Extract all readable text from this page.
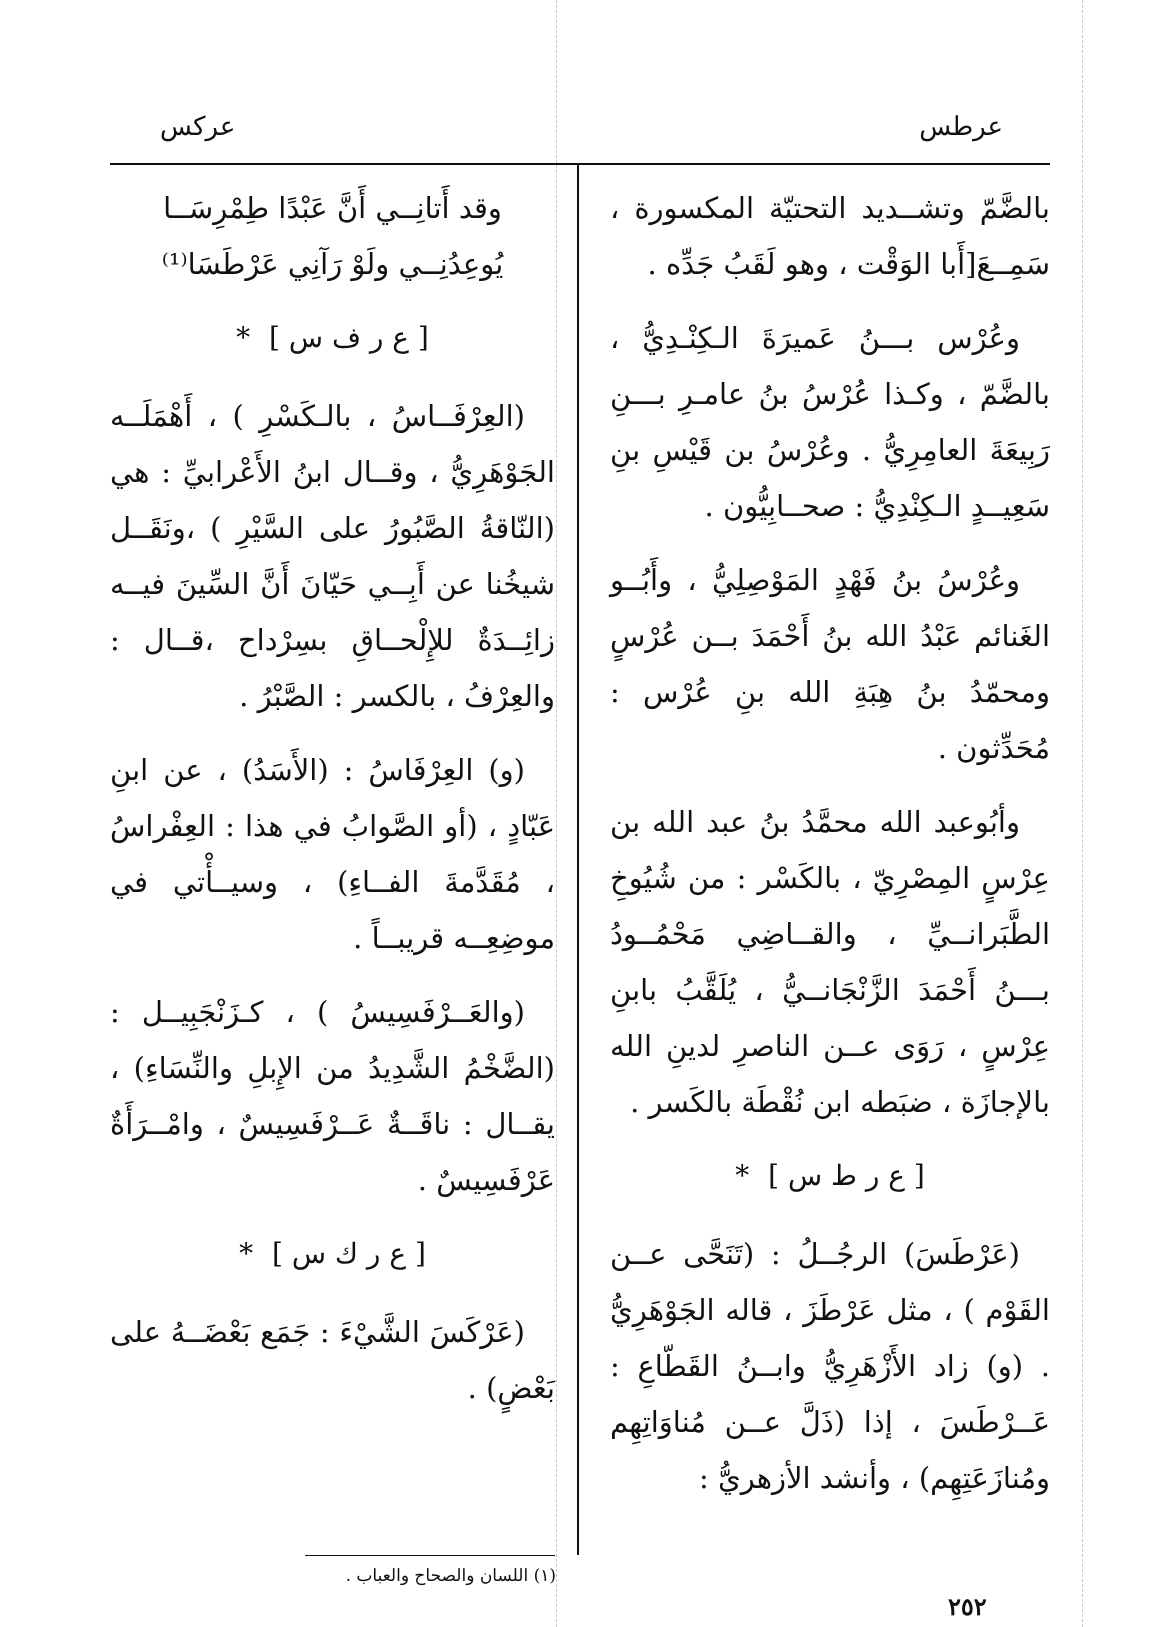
عرطس
عركس

بالضَّمّ وتشــديد التحتيّة المكسورة ، سَمِــعَ[أَبا الوَقْت ، وهو لَقَبُ جَدِّه .

وعُرْس بـــنُ عَميرَةَ الـكِنْـدِيُّ ، بالضَّمّ ، وكـذا عُرْسُ بنُ عامـرِ بـــنِ رَبِيعَةَ العامِرِيُّ . وعُرْسُ بن قَيْسِ بنِ سَعِيــدٍ الـكِنْدِيُّ : صحــابِيُّون .

وعُرْسُ بنُ فَهْدٍ المَوْصِلِيُّ ، وأَبُــو الغَنائم عَبْدُ الله بنُ أَحْمَدَ بــن عُرْسٍ ومحمّدُ بنُ هِبَةِ الله بنِ عُرْس : مُحَدِّثون .

وأبُوعبد الله محمَّدُ بنُ عبد الله بن عِرْسٍ المِصْرِيّ ، بالكَسْر : من شُيُوخِ الطَّبَرانــيِّ ، والقــاضِي مَحْمُــودُ بـــنُ أَحْمَدَ الزَّنْجَانــيُّ ، يُلَقَّبُ بابنِ عِرْسٍ ، رَوَى عــن الناصرِ لدينِ الله بالإجازَة ، ضبَطه ابن نُقْطَة بالكَسر .

[ ع ر ط س ] *

(عَرْطَسَ) الرجُــلُ : (تَنَحَّى عــن القَوْم ) ، مثل عَرْطَزَ ، قاله الجَوْهَرِيُّ . (و) زاد الأَزْهَرِيُّ وابــنُ القَطّاعِ : عَــرْطَسَ ، إذا (ذَلَّ عــن مُناوَاتِهِم ومُنازَعَتِهِم) ، وأنشد الأزهريُّ :

وقد أَتانِــي أَنَّ عَبْدًا طِمْرِسَــا
يُوعِدُنِــي ولَوْ رَآنِي عَرْطَسَا⁽¹⁾
[ ع ر ف س ] *

(العِرْفَــاسُ ، بالـكَسْرِ ) ، أَهْمَلَــه الجَوْهَرِيُّ ، وقــال ابنُ الأَعْرابيِّ : هي (النّاقةُ الصَّبُورُ على السَّيْرِ ) ،ونَقَــل شيخُنا عن أَبِــي حَيّانَ أَنَّ السِّينَ فيــه زائِــدَةٌ للإِلْحــاقِ بسِرْداح ،قــال : والعِرْفُ ، بالكسر : الصَّبْرُ .

(و) العِرْفَاسُ : (الأَسَدُ) ، عن ابنِ عَبّادٍ ، (أو الصَّوابُ في هذا : العِفْراسُ ، مُقَدَّمةَ الفــاءِ) ، وسيــأْتي في موضِعِــه قريبــاً .

(والعَــرْفَسِيسُ ) ، كـزَنْجَبِيــل : (الضَّخْمُ الشَّدِيدُ من الإِبلِ والنِّسَاءِ) ، يقــال : ناقَــةٌ عَــرْفَسِيسٌ ، وامْــرَأَةٌ عَرْفَسِيسٌ .

[ ع ر ك س ] *

(عَرْكَسَ الشَّيْءَ : جَمَع بَعْضَــهُ على بَعْضٍ) .

(١) اللسان والصحاح والعباب .
٢٥٢
